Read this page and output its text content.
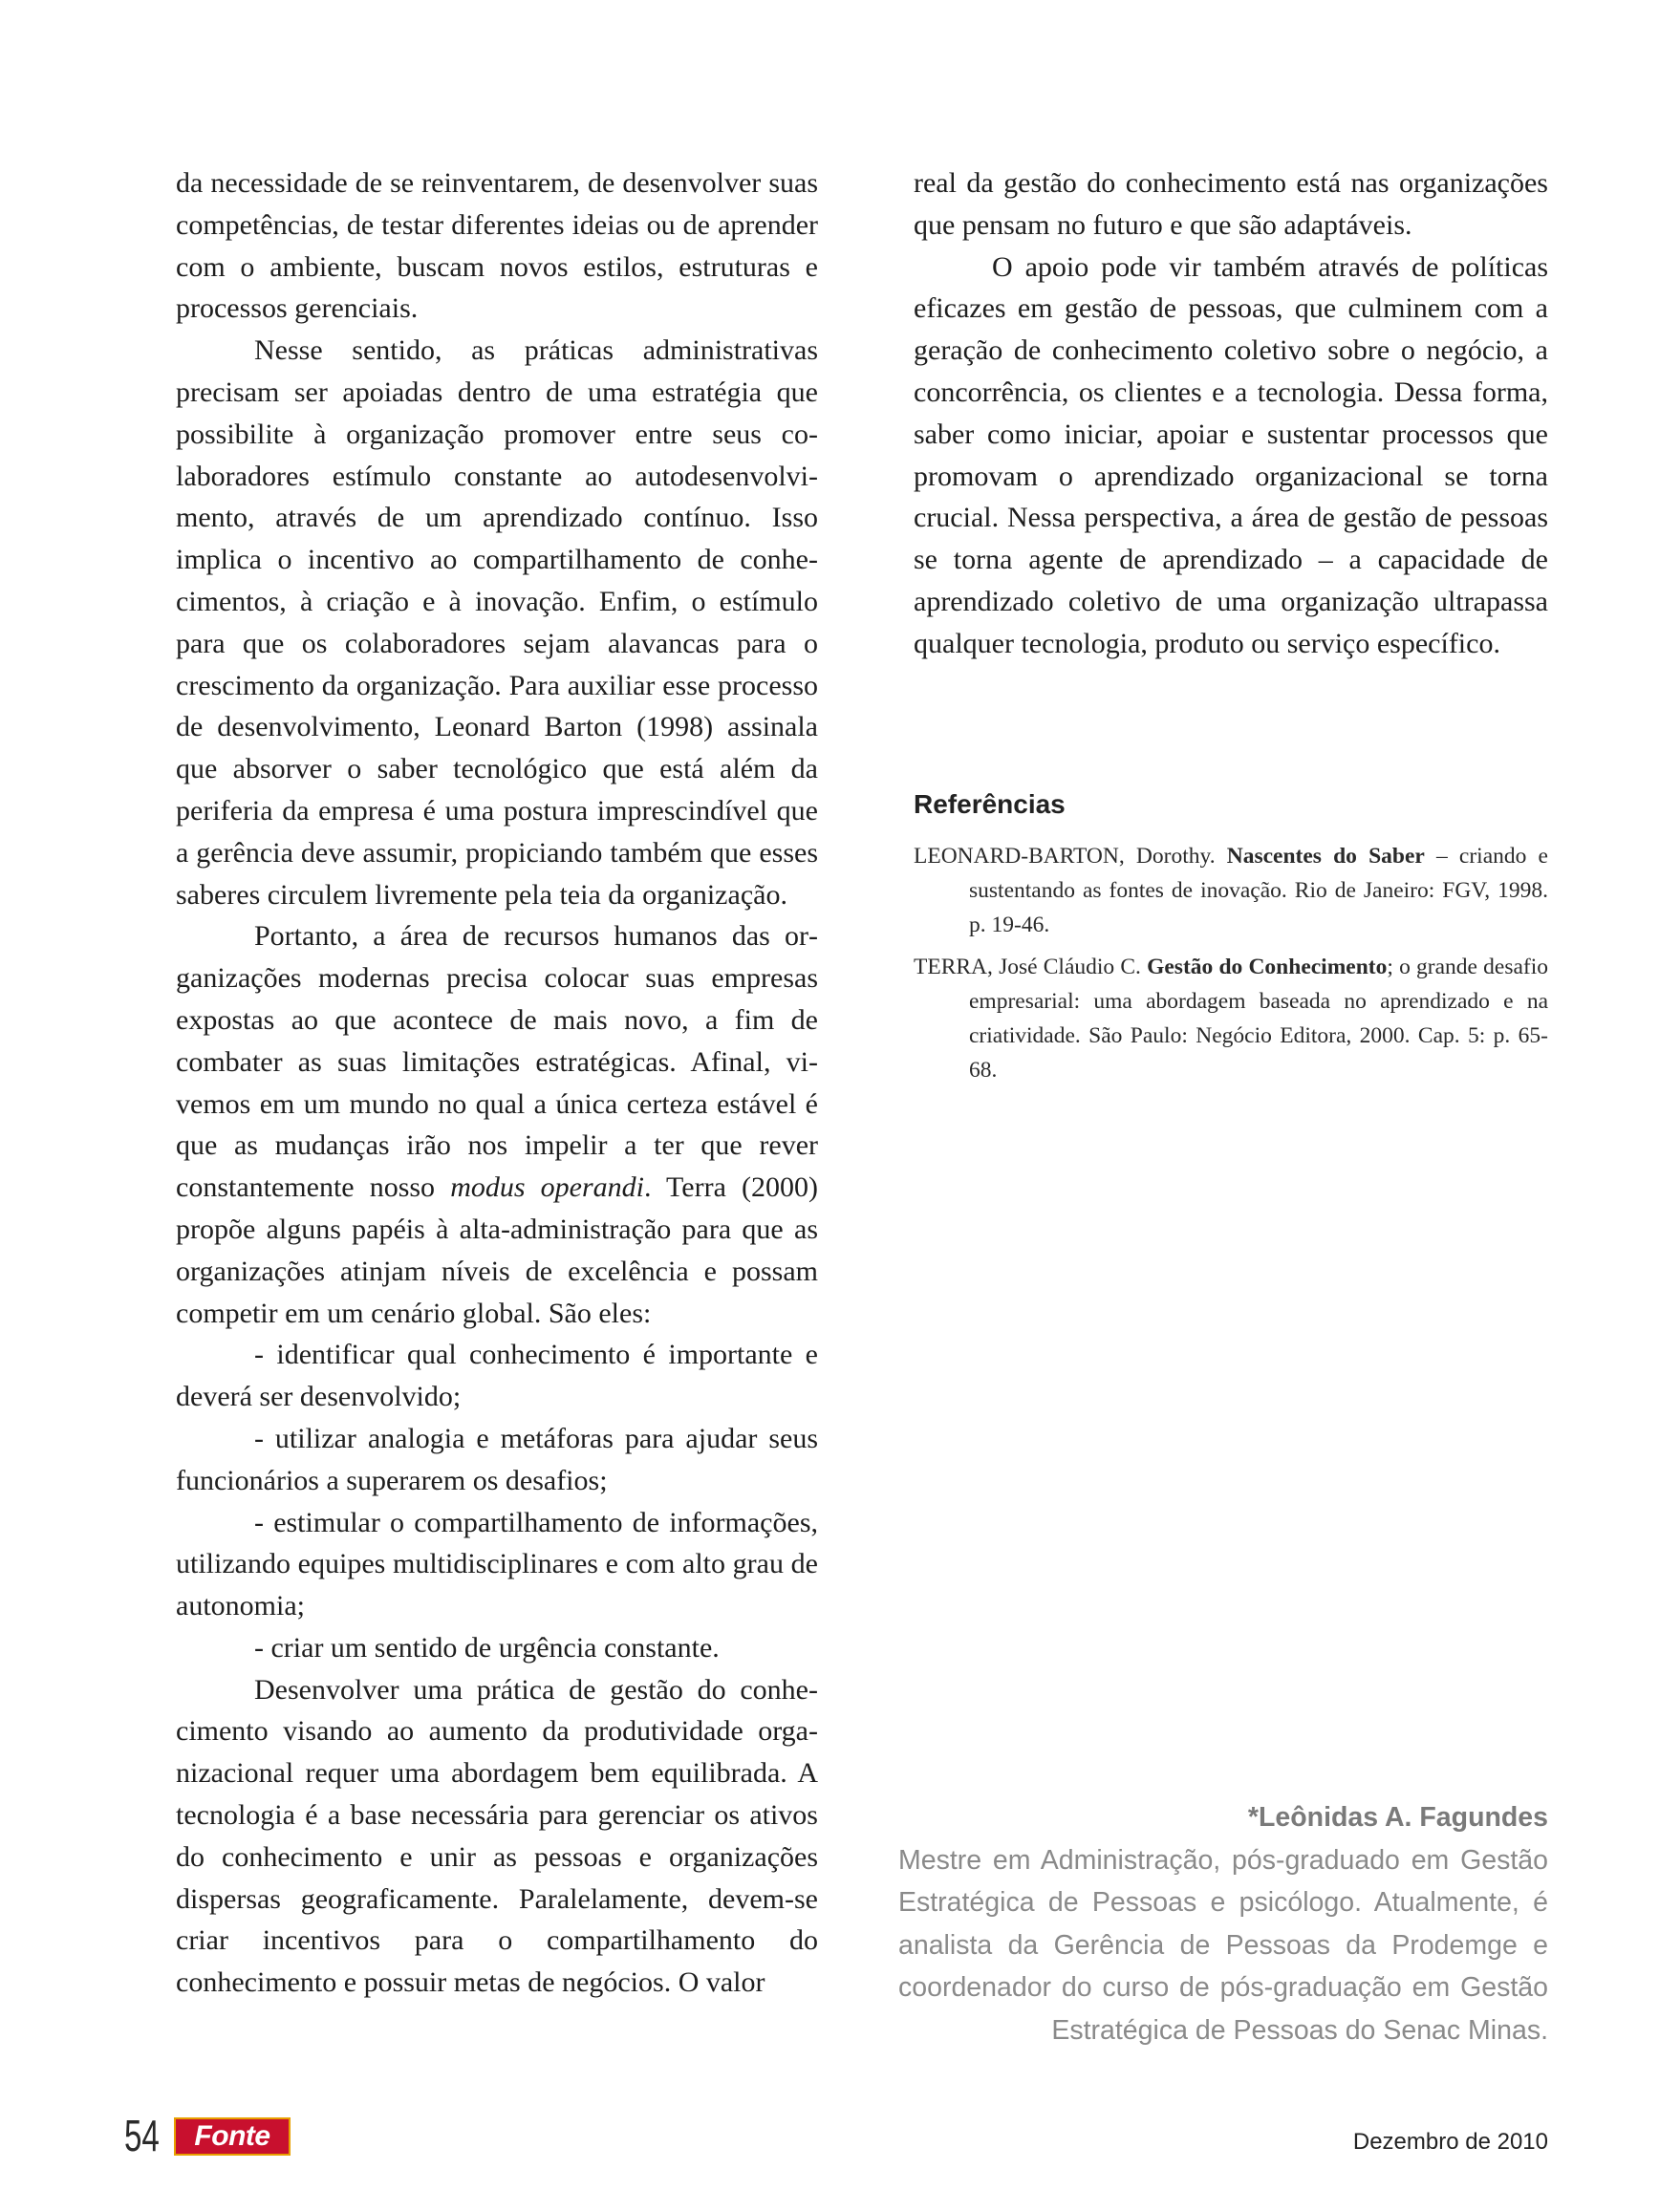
da necessidade de se reinventarem, de desenvolver suas competências, de testar diferentes ideias ou de aprender com o ambiente, buscam novos estilos, estruturas e processos gerenciais.

Nesse sentido, as práticas administrativas precisam ser apoiadas dentro de uma estratégia que possibilite à organização promover entre seus colaboradores estímulo constante ao autodesenvolvimento, através de um aprendizado contínuo. Isso implica o incentivo ao compartilhamento de conhecimentos, à criação e à inovação. Enfim, o estímulo para que os colaboradores sejam alavancas para o crescimento da organização. Para auxiliar esse processo de desenvolvimento, Leonard Barton (1998) assinala que absorver o saber tecnológico que está além da periferia da empresa é uma postura imprescindível que a gerência deve assumir, propiciando também que esses saberes circulem livremente pela teia da organização.

Portanto, a área de recursos humanos das organizações modernas precisa colocar suas empresas expostas ao que acontece de mais novo, a fim de combater as suas limitações estratégicas. Afinal, vivemos em um mundo no qual a única certeza estável é que as mudanças irão nos impelir a ter que rever constantemente nosso modus operandi. Terra (2000) propõe alguns papéis à alta-administração para que as organizações atinjam níveis de excelência e possam competir em um cenário global. São eles:

- identificar qual conhecimento é importante e deverá ser desenvolvido;

- utilizar analogia e metáforas para ajudar seus funcionários a superarem os desafios;

- estimular o compartilhamento de informações, utilizando equipes multidisciplinares e com alto grau de autonomia;

- criar um sentido de urgência constante.

Desenvolver uma prática de gestão do conhecimento visando ao aumento da produtividade organizacional requer uma abordagem bem equilibrada. A tecnologia é a base necessária para gerenciar os ativos do conhecimento e unir as pessoas e organizações dispersas geograficamente. Paralelamente, devem-se criar incentivos para o compartilhamento do conhecimento e possuir metas de negócios. O valor

real da gestão do conhecimento está nas organizações que pensam no futuro e que são adaptáveis.

O apoio pode vir também através de políticas eficazes em gestão de pessoas, que culminem com a geração de conhecimento coletivo sobre o negócio, a concorrência, os clientes e a tecnologia. Dessa forma, saber como iniciar, apoiar e sustentar processos que promovam o aprendizado organizacional se torna crucial. Nessa perspectiva, a área de gestão de pessoas se torna agente de aprendizado – a capacidade de aprendizado coletivo de uma organização ultrapassa qualquer tecnologia, produto ou serviço específico.

Referências

LEONARD-BARTON, Dorothy. Nascentes do Saber – criando e sustentando as fontes de inovação. Rio de Janeiro: FGV, 1998. p. 19-46.

TERRA, José Cláudio C. Gestão do Conhecimento; o grande desafio empresarial: uma abordagem baseada no aprendizado e na criatividade. São Paulo: Negócio Editora, 2000. Cap. 5: p. 65-68.

*Leônidas A. Fagundes

Mestre em Administração, pós-graduado em Gestão Estratégica de Pessoas e psicólogo. Atualmente, é analista da Gerência de Pessoas da Prodemge e coordenador do curso de pós-graduação em Gestão Estratégica de Pessoas do Senac Minas.

54 Fonte	Dezembro de 2010
